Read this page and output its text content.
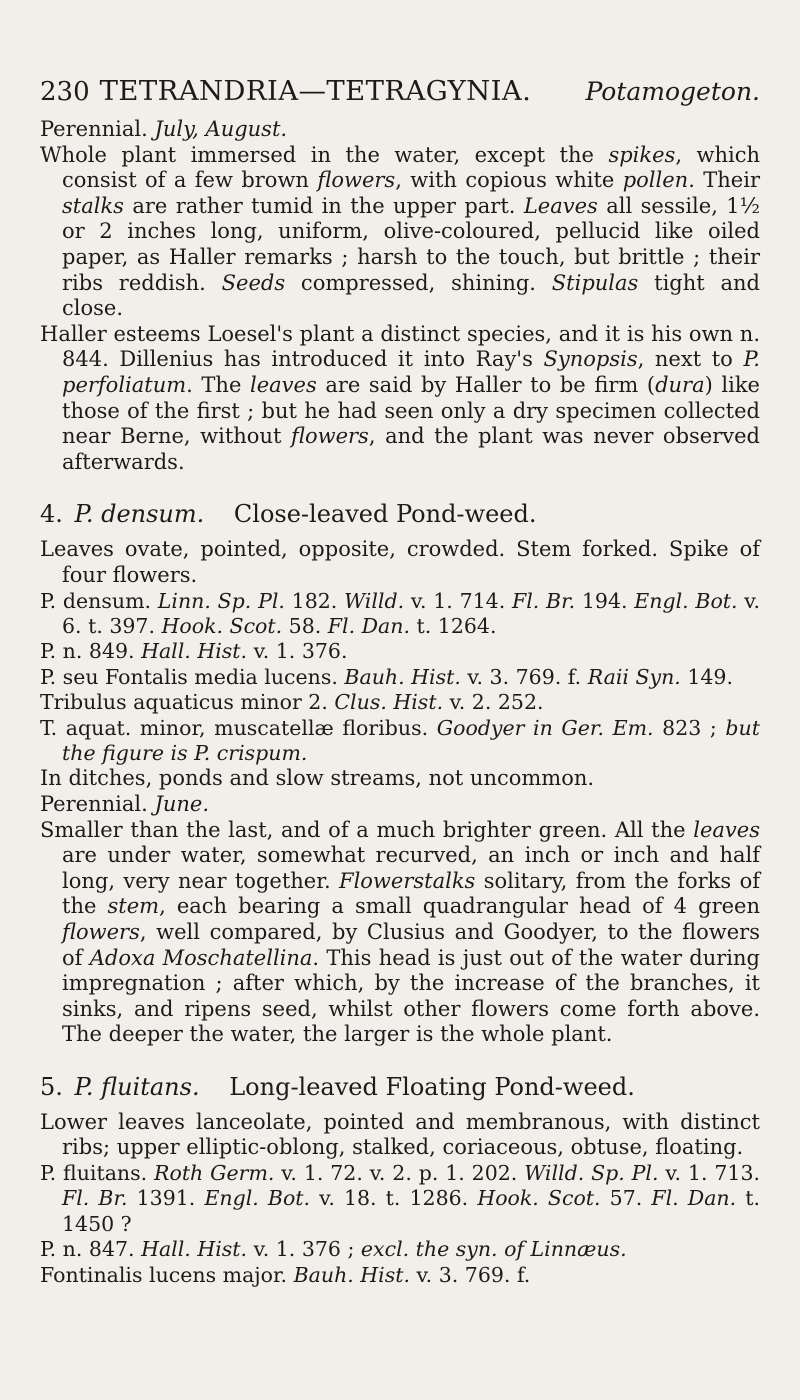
230 TETRANDRIA—TETRAGYNIA. Potamogeton.

Perennial. July, August.

Whole plant immersed in the water, except the spikes, which consist of a few brown flowers, with copious white pollen. Their stalks are rather tumid in the upper part. Leaves all sessile, 1½ or 2 inches long, uniform, olive-coloured, pellucid like oiled paper, as Haller remarks ; harsh to the touch, but brittle ; their ribs reddish. Seeds compressed, shining. Stipulas tight and close.

Haller esteems Loesel's plant a distinct species, and it is his own n. 844. Dillenius has introduced it into Ray's Synopsis, next to P. perfoliatum. The leaves are said by Haller to be firm (dura) like those of the first ; but he had seen only a dry specimen collected near Berne, without flowers, and the plant was never observed afterwards.

4. P. densum. Close-leaved Pond-weed.

Leaves ovate, pointed, opposite, crowded. Stem forked. Spike of four flowers.

P. densum. Linn. Sp. Pl. 182. Willd. v. 1. 714. Fl. Br. 194. Engl. Bot. v. 6. t. 397. Hook. Scot. 58. Fl. Dan. t. 1264.

P. n. 849. Hall. Hist. v. 1. 376.

P. seu Fontalis media lucens. Bauh. Hist. v. 3. 769. f. Raii Syn. 149.

Tribulus aquaticus minor 2. Clus. Hist. v. 2. 252.

T. aquat. minor, muscatellæ floribus. Goodyer in Ger. Em. 823 ; but the figure is P. crispum.

In ditches, ponds and slow streams, not uncommon.

Perennial. June.

Smaller than the last, and of a much brighter green. All the leaves are under water, somewhat recurved, an inch or inch and half long, very near together. Flowerstalks solitary, from the forks of the stem, each bearing a small quadrangular head of 4 green flowers, well compared, by Clusius and Goodyer, to the flowers of Adoxa Moschatellina. This head is just out of the water during impregnation ; after which, by the increase of the branches, it sinks, and ripens seed, whilst other flowers come forth above. The deeper the water, the larger is the whole plant.

5. P. fluitans. Long-leaved Floating Pond-weed.

Lower leaves lanceolate, pointed and membranous, with distinct ribs; upper elliptic-oblong, stalked, coriaceous, obtuse, floating.

P. fluitans. Roth Germ. v. 1. 72. v. 2. p. 1. 202. Willd. Sp. Pl. v. 1. 713. Fl. Br. 1391. Engl. Bot. v. 18. t. 1286. Hook. Scot. 57. Fl. Dan. t. 1450 ?

P. n. 847. Hall. Hist. v. 1. 376 ; excl. the syn. of Linnæus.

Fontinalis lucens major. Bauh. Hist. v. 3. 769. f.
